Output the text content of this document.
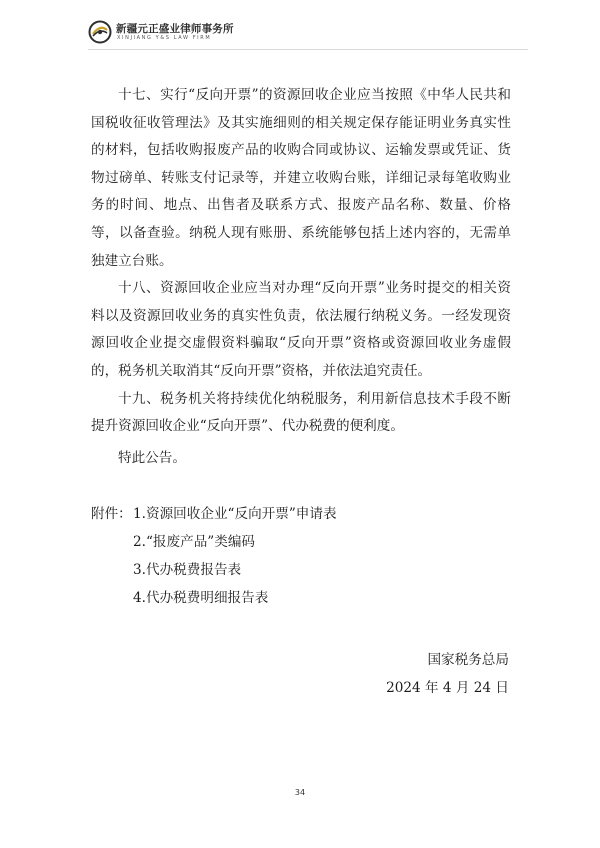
新疆元正盛业律师事务所
XINJIANG Y&S LAW FIRM

十七、实行“反向开票”的资源回收企业应当按照《中华人民共和国税收征收管理法》及其实施细则的相关规定保存能证明业务真实性的材料，包括收购报废产品的收购合同或协议、运输发票或凭证、货物过磅单、转账支付记录等，并建立收购台账，详细记录每笔收购业务的时间、地点、出售者及联系方式、报废产品名称、数量、价格等，以备查验。纳税人现有账册、系统能够包括上述内容的，无需单独建立台账。

十八、资源回收企业应当对办理“反向开票”业务时提交的相关资料以及资源回收业务的真实性负责，依法履行纳税义务。一经发现资源回收企业提交虚假资料骗取“反向开票”资格或资源回收业务虚假的，税务机关取消其“反向开票”资格，并依法追究责任。

十九、税务机关将持续优化纳税服务，利用新信息技术手段不断提升资源回收企业“反向开票”、代办税费的便利度。

特此公告。

附件： 1.资源回收企业“反向开票”申请表
2.“报废产品”类编码
3.代办税费报告表
4.代办税费明细报告表
国家税务总局
2024 年 4 月 24 日
34
